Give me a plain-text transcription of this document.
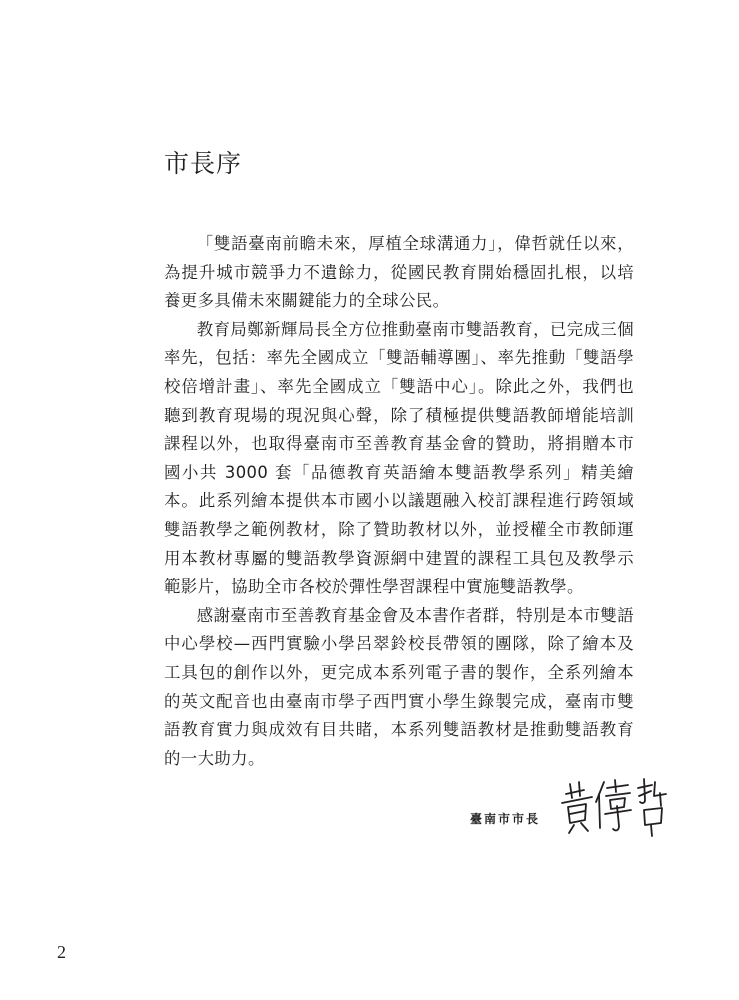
市長序

「雙語臺南前瞻未來，厚植全球溝通力」，偉哲就任以來，為提升城市競爭力不遺餘力，從國民教育開始穩固扎根，以培養更多具備未來關鍵能力的全球公民。

教育局鄭新輝局長全方位推動臺南市雙語教育，已完成三個率先，包括：率先全國成立「雙語輔導團」、率先推動「雙語學校倍增計畫」、率先全國成立「雙語中心」。除此之外，我們也聽到教育現場的現況與心聲，除了積極提供雙語教師增能培訓課程以外，也取得臺南市至善教育基金會的贊助，將捐贈本市國小共 3000 套「品德教育英語繪本雙語教學系列」精美繪本。此系列繪本提供本市國小以議題融入校訂課程進行跨領域雙語教學之範例教材，除了贊助教材以外，並授權全市教師運用本教材專屬的雙語教學資源網中建置的課程工具包及教學示範影片，協助全市各校於彈性學習課程中實施雙語教學。

感謝臺南市至善教育基金會及本書作者群，特別是本市雙語中心學校—西門實驗小學呂翠鈴校長帶領的團隊，除了繪本及工具包的創作以外，更完成本系列電子書的製作，全系列繪本的英文配音也由臺南市學子西門實小學生錄製完成，臺南市雙語教育實力與成效有目共睹，本系列雙語教材是推動雙語教育的一大助力。

臺南市市長
2
